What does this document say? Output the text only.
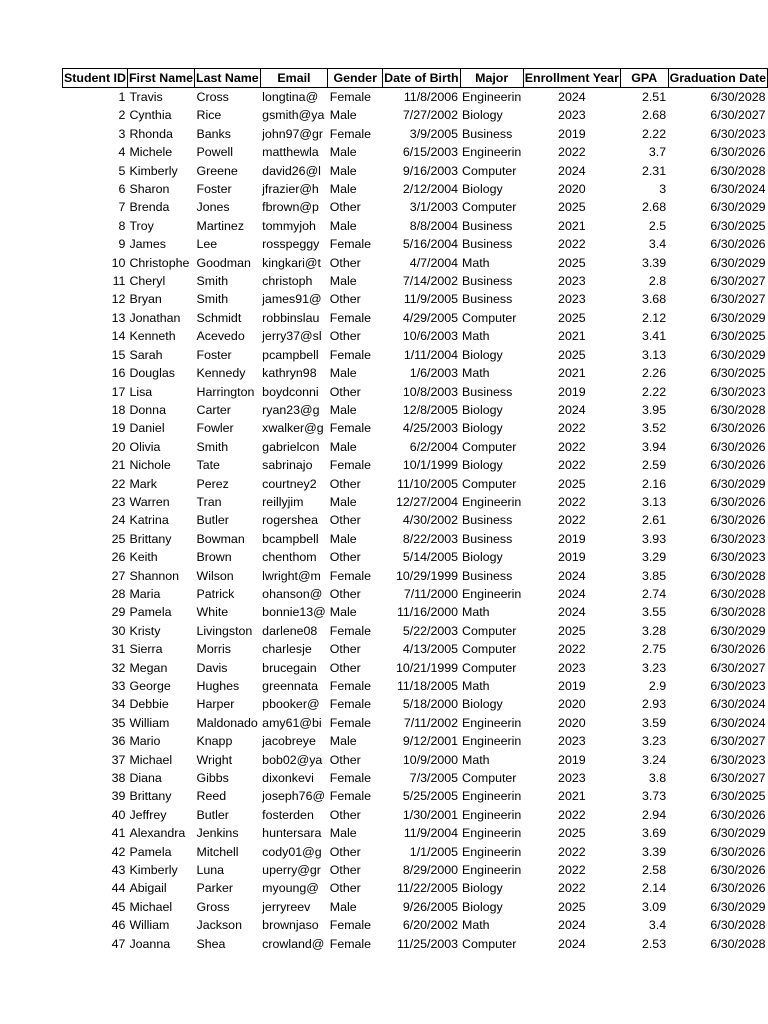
Student ID	First Name	Last Name	Email	Gender	Date of Birth	Major	Enrollment Year	GPA	Graduation Date
1	Travis	Cross	longtina@	Female	11/8/2006	Engineerin	2024	2.51	6/30/2028
2	Cynthia	Rice	gsmith@ya	Male	7/27/2002	Biology	2023	2.68	6/30/2027
3	Rhonda	Banks	john97@gr	Female	3/9/2005	Business	2019	2.22	6/30/2023
4	Michele	Powell	matthewla	Male	6/15/2003	Engineerin	2022	3.7	6/30/2026
5	Kimberly	Greene	david26@l	Male	9/16/2003	Computer	2024	2.31	6/30/2028
6	Sharon	Foster	jfrazier@h	Male	2/12/2004	Biology	2020	3	6/30/2024
7	Brenda	Jones	fbrown@p	Other	3/1/2003	Computer	2025	2.68	6/30/2029
8	Troy	Martinez	tommyjoh	Male	8/8/2004	Business	2021	2.5	6/30/2025
9	James	Lee	rosspeggy	Female	5/16/2004	Business	2022	3.4	6/30/2026
10	Christophe	Goodman	kingkari@t	Other	4/7/2004	Math	2025	3.39	6/30/2029
11	Cheryl	Smith	christoph	Male	7/14/2002	Business	2023	2.8	6/30/2027
12	Bryan	Smith	james91@	Other	11/9/2005	Business	2023	3.68	6/30/2027
13	Jonathan	Schmidt	robbinslau	Female	4/29/2005	Computer	2025	2.12	6/30/2029
14	Kenneth	Acevedo	jerry37@sl	Other	10/6/2003	Math	2021	3.41	6/30/2025
15	Sarah	Foster	pcampbell	Female	1/11/2004	Biology	2025	3.13	6/30/2029
16	Douglas	Kennedy	kathryn98	Male	1/6/2003	Math	2021	2.26	6/30/2025
17	Lisa	Harrington	boydconni	Other	10/8/2003	Business	2019	2.22	6/30/2023
18	Donna	Carter	ryan23@g	Male	12/8/2005	Biology	2024	3.95	6/30/2028
19	Daniel	Fowler	xwalker@g	Female	4/25/2003	Biology	2022	3.52	6/30/2026
20	Olivia	Smith	gabrielcon	Male	6/2/2004	Computer	2022	3.94	6/30/2026
21	Nichole	Tate	sabrinajo	Female	10/1/1999	Biology	2022	2.59	6/30/2026
22	Mark	Perez	courtney2	Other	11/10/2005	Computer	2025	2.16	6/30/2029
23	Warren	Tran	reillyjim	Male	12/27/2004	Engineerin	2022	3.13	6/30/2026
24	Katrina	Butler	rogershea	Other	4/30/2002	Business	2022	2.61	6/30/2026
25	Brittany	Bowman	bcampbell	Male	8/22/2003	Business	2019	3.93	6/30/2023
26	Keith	Brown	chenthom	Other	5/14/2005	Biology	2019	3.29	6/30/2023
27	Shannon	Wilson	lwright@m	Female	10/29/1999	Business	2024	3.85	6/30/2028
28	Maria	Patrick	ohanson@	Other	7/11/2000	Engineerin	2024	2.74	6/30/2028
29	Pamela	White	bonnie13@	Male	11/16/2000	Math	2024	3.55	6/30/2028
30	Kristy	Livingston	darlene08	Female	5/22/2003	Computer	2025	3.28	6/30/2029
31	Sierra	Morris	charlesje	Other	4/13/2005	Computer	2022	2.75	6/30/2026
32	Megan	Davis	brucegain	Other	10/21/1999	Computer	2023	3.23	6/30/2027
33	George	Hughes	greennata	Female	11/18/2005	Math	2019	2.9	6/30/2023
34	Debbie	Harper	pbooker@	Female	5/18/2000	Biology	2020	2.93	6/30/2024
35	William	Maldonado	amy61@bi	Female	7/11/2002	Engineerin	2020	3.59	6/30/2024
36	Mario	Knapp	jacobreye	Male	9/12/2001	Engineerin	2023	3.23	6/30/2027
37	Michael	Wright	bob02@ya	Other	10/9/2000	Math	2019	3.24	6/30/2023
38	Diana	Gibbs	dixonkevi	Female	7/3/2005	Computer	2023	3.8	6/30/2027
39	Brittany	Reed	joseph76@	Female	5/25/2005	Engineerin	2021	3.73	6/30/2025
40	Jeffrey	Butler	fosterden	Other	1/30/2001	Engineerin	2022	2.94	6/30/2026
41	Alexandra	Jenkins	huntersara	Male	11/9/2004	Engineerin	2025	3.69	6/30/2029
42	Pamela	Mitchell	cody01@g	Other	1/1/2005	Engineerin	2022	3.39	6/30/2026
43	Kimberly	Luna	uperry@gr	Other	8/29/2000	Engineerin	2022	2.58	6/30/2026
44	Abigail	Parker	myoung@	Other	11/22/2005	Biology	2022	2.14	6/30/2026
45	Michael	Gross	jerryreev	Male	9/26/2005	Biology	2025	3.09	6/30/2029
46	William	Jackson	brownjaso	Female	6/20/2002	Math	2024	3.4	6/30/2028
47	Joanna	Shea	crowland@	Female	11/25/2003	Computer	2024	2.53	6/30/2028
